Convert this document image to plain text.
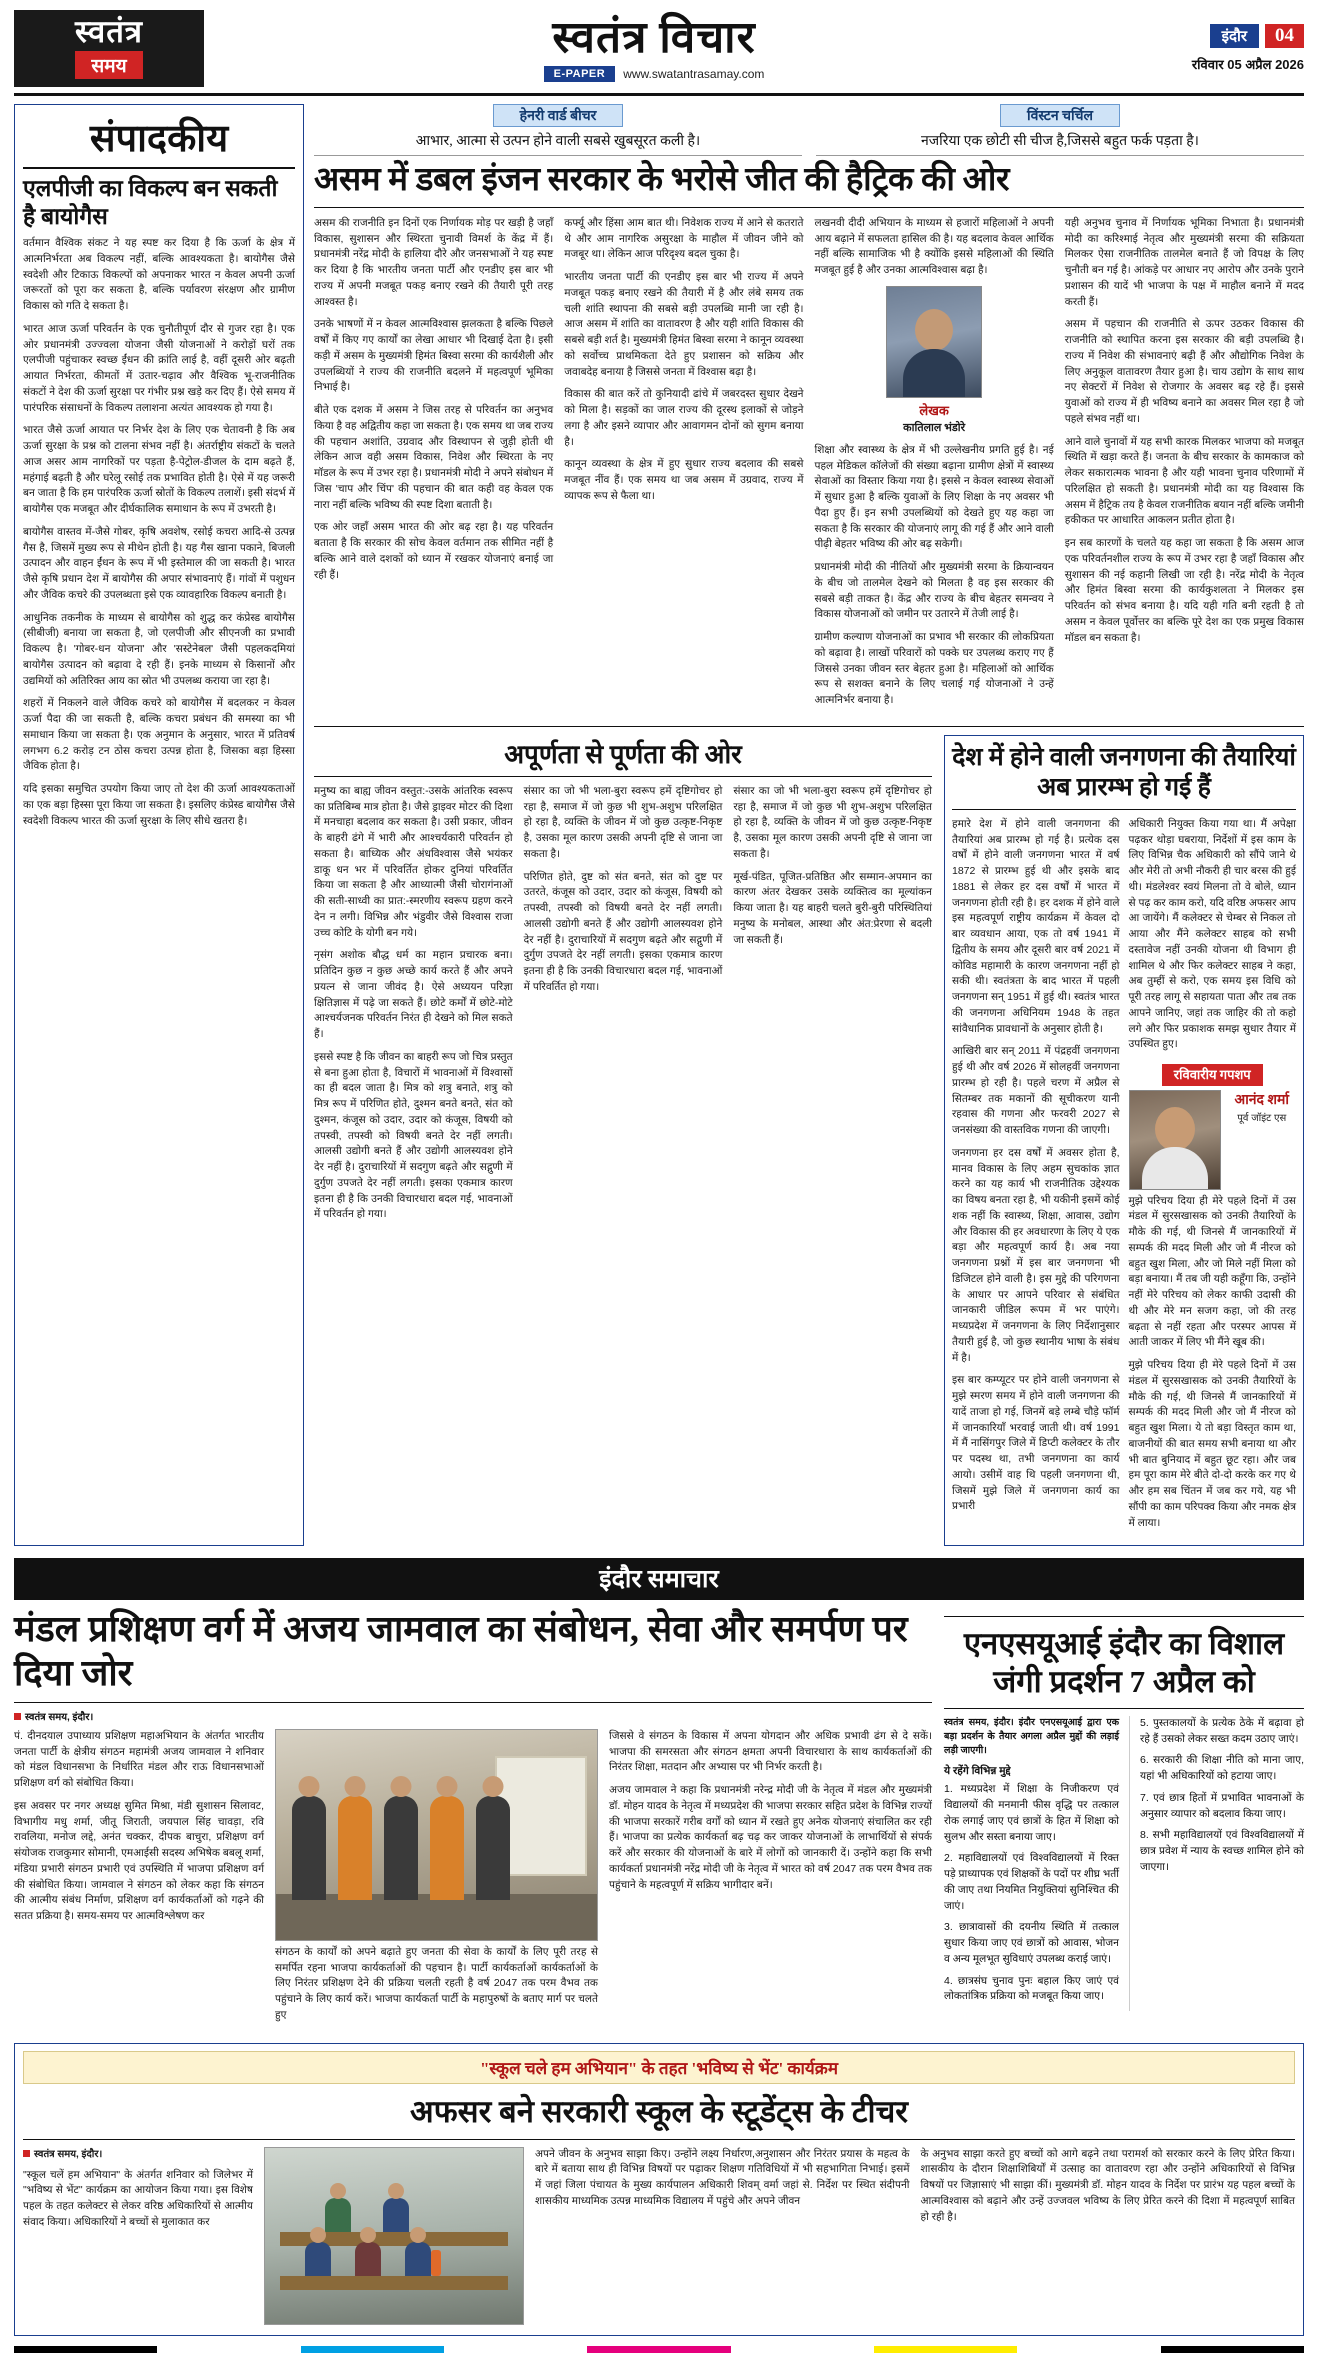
स्वतंत्र
समय
स्वतंत्र विचार
E-PAPER	www.swatantrasamay.com
इंदौर	04
रविवार 05 अप्रैल 2026
संपादकीय
एलपीजी का विकल्प बन सकती है बायोगैस

वर्तमान वैश्विक संकट ने यह स्पष्ट कर दिया है कि ऊर्जा के क्षेत्र में आत्मनिर्भरता अब विकल्प नहीं, बल्कि आवश्यकता है। बायोगैस जैसे स्वदेशी और टिकाऊ विकल्पों को अपनाकर भारत न केवल अपनी ऊर्जा जरूरतों को पूरा कर सकता है, बल्कि पर्यावरण संरक्षण और ग्रामीण विकास को गति दे सकता है।

भारत आज ऊर्जा परिवर्तन के एक चुनौतीपूर्ण दौर से गुजर रहा है। एक ओर प्रधानमंत्री उज्ज्वला योजना जैसी योजनाओं ने करोड़ों घरों तक एलपीजी पहुंचाकर स्वच्छ ईंधन की क्रांति लाई है, वहीं दूसरी ओर बढ़ती आयात निर्भरता, कीमतों में उतार-चढ़ाव और वैश्विक भू-राजनीतिक संकटों ने देश की ऊर्जा सुरक्षा पर गंभीर प्रश्न खड़े कर दिए हैं। ऐसे समय में पारंपरिक संसाधनों के विकल्प तलाशना अत्यंत आवश्यक हो गया है।

भारत जैसे ऊर्जा आयात पर निर्भर देश के लिए एक चेतावनी है कि अब ऊर्जा सुरक्षा के प्रश्न को टालना संभव नहीं है। अंतर्राष्ट्रीय संकटों के चलते आज असर आम नागरिकों पर पड़ता है-पेट्रोल-डीजल के दाम बढ़ते हैं, महंगाई बढ़ती है और घरेलू रसोई तक प्रभावित होती है। ऐसे में यह जरूरी बन जाता है कि हम पारंपरिक ऊर्जा स्रोतों के विकल्प तलाशें। इसी संदर्भ में बायोगैस एक मजबूत और दीर्घकालिक समाधान के रूप में उभरती है।

बायोगैस वास्तव में-जैसे गोबर, कृषि अवशेष, रसोई कचरा आदि-से उत्पन्न गैस है, जिसमें मुख्य रूप से मीथेन होती है। यह गैस खाना पकाने, बिजली उत्पादन और वाहन ईंधन के रूप में भी इस्तेमाल की जा सकती है। भारत जैसे कृषि प्रधान देश में बायोगैस की अपार संभावनाएं हैं। गांवों में पशुधन और जैविक कचरे की उपलब्धता इसे एक व्यावहारिक विकल्प बनाती है।

आधुनिक तकनीक के माध्यम से बायोगैस को शुद्ध कर कंप्रेस्ड बायोगैस (सीबीजी) बनाया जा सकता है, जो एलपीजी और सीएनजी का प्रभावी विकल्प है। 'गोबर-धन योजना' और 'सस्टेनेबल' जैसी पहलकदमियां बायोगैस उत्पादन को बढ़ावा दे रही हैं। इनके माध्यम से किसानों और उद्यमियों को अतिरिक्त आय का स्रोत भी उपलब्ध कराया जा रहा है।

शहरों में निकलने वाले जैविक कचरे को बायोगैस में बदलकर न केवल ऊर्जा पैदा की जा सकती है, बल्कि कचरा प्रबंधन की समस्या का भी समाधान किया जा सकता है। एक अनुमान के अनुसार, भारत में प्रतिवर्ष लगभग 6.2 करोड़ टन ठोस कचरा उत्पन्न होता है, जिसका बड़ा हिस्सा जैविक होता है।

यदि इसका समुचित उपयोग किया जाए तो देश की ऊर्जा आवश्यकताओं का एक बड़ा हिस्सा पूरा किया जा सकता है। इसलिए कंप्रेस्ड बायोगैस जैसे स्वदेशी विकल्प भारत की ऊर्जा सुरक्षा के लिए सीधे खतरा है।

हेनरी वार्ड बीचर
आभार, आत्मा से उत्पन होने वाली सबसे खुबसूरत कली है।
विंस्टन चर्चिल
नजरिया एक छोटी सी चीज है,जिससे बहुत फर्क पड़ता है।
असम में डबल इंजन सरकार के भरोसे जीत की हैट्रिक की ओर

असम की राजनीति इन दिनों एक निर्णायक मोड़ पर खड़ी है जहाँ विकास, सुशासन और स्थिरता चुनावी विमर्श के केंद्र में हैं। प्रधानमंत्री नरेंद्र मोदी के हालिया दौरे और जनसभाओं ने यह स्पष्ट कर दिया है कि भारतीय जनता पार्टी और एनडीए इस बार भी राज्य में अपनी मजबूत पकड़ बनाए रखने की तैयारी पूरी तरह आश्वस्त है।

उनके भाषणों में न केवल आत्मविश्वास झलकता है बल्कि पिछले वर्षों में किए गए कार्यों का लेखा आधार भी दिखाई देता है। इसी कड़ी में असम के मुख्यमंत्री हिमंत बिस्वा सरमा की कार्यशैली और उपलब्धियों ने राज्य की राजनीति बदलने में महत्वपूर्ण भूमिका निभाई है।

बीते एक दशक में असम ने जिस तरह से परिवर्तन का अनुभव किया है वह अद्वितीय कहा जा सकता है। एक समय था जब राज्य की पहचान अशांति, उग्रवाद और विस्थापन से जुड़ी होती थी लेकिन आज वही असम विकास, निवेश और स्थिरता के नए मॉडल के रूप में उभर रहा है। प्रधानमंत्री मोदी ने अपने संबोधन में जिस 'चाप और चिंप' की पहचान की बात कही वह केवल एक नारा नहीं बल्कि भविष्य की स्पष्ट दिशा बताती है।

एक ओर जहाँ असम भारत की ओर बढ़ रहा है। यह परिवर्तन बताता है कि सरकार की सोच केवल वर्तमान तक सीमित नहीं है बल्कि आने वाले दशकों को ध्यान में रखकर योजनाएं बनाई जा रही हैं।

कर्फ्यू और हिंसा आम बात थी। निवेशक राज्य में आने से कतराते थे और आम नागरिक असुरक्षा के माहौल में जीवन जीने को मजबूर था। लेकिन आज परिदृश्य बदल चुका है।

भारतीय जनता पार्टी की एनडीए इस बार भी राज्य में अपने मजबूत पकड़ बनाए रखने की तैयारी में है और लंबे समय तक चली शांति स्थापना की सबसे बड़ी उपलब्धि मानी जा रही है। आज असम में शांति का वातावरण है और यही शांति विकास की सबसे बड़ी शर्त है। मुख्यमंत्री हिमंत बिस्वा सरमा ने कानून व्यवस्था को सर्वोच्च प्राथमिकता देते हुए प्रशासन को सक्रिय और जवाबदेह बनाया है जिससे जनता में विश्वास बढ़ा है।

विकास की बात करें तो कुनियादी ढांचे में जबरदस्त सुधार देखने को मिला है। सड़कों का जाल राज्य की दूरस्थ इलाकों से जोड़ने लगा है और इसने व्यापार और आवागमन दोनों को सुगम बनाया है।

कानून व्यवस्था के क्षेत्र में हुए सुधार राज्य बदलाव की सबसे मजबूत नींव हैं। एक समय था जब असम में उग्रवाद, राज्य में व्यापक रूप से फैला था।

लखनवी दीदी अभियान के माध्यम से हजारों महिलाओं ने अपनी आय बढ़ाने में सफलता हासिल की है। यह बदलाव केवल आर्थिक नहीं बल्कि सामाजिक भी है क्योंकि इससे महिलाओं की स्थिति मजबूत हुई है और उनका आत्मविश्वास बढ़ा है।

लेखक
कातिलाल भंडोरे

शिक्षा और स्वास्थ्य के क्षेत्र में भी उल्लेखनीय प्रगति हुई है। नई पहल मेडिकल कॉलेजों की संख्या बढ़ाना ग्रामीण क्षेत्रों में स्वास्थ्य सेवाओं का विस्तार किया गया है। इससे न केवल स्वास्थ्य सेवाओं में सुधार हुआ है बल्कि युवाओं के लिए शिक्षा के नए अवसर भी पैदा हुए हैं। इन सभी उपलब्धियों को देखते हुए यह कहा जा सकता है कि सरकार की योजनाएं लागू की गई हैं और आने वाली पीढ़ी बेहतर भविष्य की ओर बढ़ सकेगी।

प्रधानमंत्री मोदी की नीतियों और मुख्यमंत्री सरमा के क्रियान्वयन के बीच जो तालमेल देखने को मिलता है वह इस सरकार की सबसे बड़ी ताकत है। केंद्र और राज्य के बीच बेहतर समन्वय ने विकास योजनाओं को जमीन पर उतारने में तेजी लाई है।

ग्रामीण कल्याण योजनाओं का प्रभाव भी सरकार की लोकप्रियता को बढ़ावा है। लाखों परिवारों को पक्के घर उपलब्ध कराए गए हैं जिससे उनका जीवन स्तर बेहतर हुआ है। महिलाओं को आर्थिक रूप से सशक्त बनाने के लिए चलाई गई योजनाओं ने उन्हें आत्मनिर्भर बनाया है।

यही अनुभव चुनाव में निर्णायक भूमिका निभाता है। प्रधानमंत्री मोदी का करिश्माई नेतृत्व और मुख्यमंत्री सरमा की सक्रियता मिलकर ऐसा राजनीतिक तालमेल बनाते हैं जो विपक्ष के लिए चुनौती बन गई है। आंकड़े पर आधार नए आरोप और उनके पुराने प्रशासन की यादें भी भाजपा के पक्ष में माहौल बनाने में मदद करती हैं।

असम में पहचान की राजनीति से ऊपर उठकर विकास की राजनीति को स्थापित करना इस सरकार की बड़ी उपलब्धि है। राज्य में निवेश की संभावनाएं बढ़ी हैं और औद्योगिक निवेश के लिए अनुकूल वातावरण तैयार हुआ है। चाय उद्योग के साथ साथ नए सेक्टरों में निवेश से रोजगार के अवसर बढ़ रहे हैं। इससे युवाओं को राज्य में ही भविष्य बनाने का अवसर मिल रहा है जो पहले संभव नहीं था।

आने वाले चुनावों में यह सभी कारक मिलकर भाजपा को मजबूत स्थिति में खड़ा करते हैं। जनता के बीच सरकार के कामकाज को लेकर सकारात्मक भावना है और यही भावना चुनाव परिणामों में परिलक्षित हो सकती है। प्रधानमंत्री मोदी का यह विश्वास कि असम में हैट्रिक तय है केवल राजनीतिक बयान नहीं बल्कि जमीनी हकीकत पर आधारित आकलन प्रतीत होता है।

इन सब कारणों के चलते यह कहा जा सकता है कि असम आज एक परिवर्तनशील राज्य के रूप में उभर रहा है जहाँ विकास और सुशासन की नई कहानी लिखी जा रही है। नरेंद्र मोदी के नेतृत्व और हिमंत बिस्वा सरमा की कार्यकुशलता ने मिलकर इस परिवर्तन को संभव बनाया है। यदि यही गति बनी रहती है तो असम न केवल पूर्वोत्तर का बल्कि पूरे देश का एक प्रमुख विकास मॉडल बन सकता है।

अपूर्णता से पूर्णता की ओर

मनुष्य का बाह्य जीवन वस्तुत:-उसके आंतरिक स्वरूप का प्रतिबिम्ब मात्र होता है। जैसे ड्राइवर मोटर की दिशा में मनचाहा बदलाव कर सकता है। उसी प्रकार, जीवन के बाहरी ढंगे में भारी और आश्चर्यकारी परिवर्तन हो सकता है। बाध्यिक और अंधविश्वास जैसे भयंकर डाकू धन भर में परिवर्तित होकर दुनियां परिवर्तित किया जा सकता है और आध्यात्मी जैसी चोरागंनाओं की सती-साध्वी का प्रात:-स्मरणीय स्वरूप ग्रहण करने देन न लगी। विभिन्न और भंडुवीर जैसे विश्वास राजा उच्च कोटि के योगी बन गये।

नृसंग अशोक बौद्ध धर्म का महान प्रचारक बना। प्रतिदिन कुछ न कुछ अच्छे कार्य करते हैं और अपने प्रयत्न से जाना जीवंद है। ऐसे अध्ययन परिज्ञा क्षितिज्ञास में पढ़े जा सकते हैं। छोटे कर्मों में छोटे-मोटे आश्चर्यजनक परिवर्तन निरंत ही देखने को मिल सकते हैं।

इससे स्पष्ट है कि जीवन का बाहरी रूप जो चित्र प्रस्तुत से बना हुआ होता है, विचारों में भावनाओं में विश्वासों का ही बदल जाता है। मित्र को शत्रु बनाते, शत्रु को मित्र रूप में परिणित होते, दुश्मन बनते बनते, संत को दुश्मन, कंजूस को उदार, उदार को कंजूस, विषयी को तपस्वी, तपस्वी को विषयी बनते देर नहीं लगती। आलसी उद्योगी बनते हैं और उद्योगी आलस्यवश होने देर नहीं है। दुराचारियों में सदगुण बढ़ते और सद्गुणी में दुर्गुण उपजते देर नहीं लगती। इसका एकमात्र कारण इतना ही है कि उनकी विचारधारा बदल गई, भावनाओं में परिवर्तन हो गया।

संसार का जो भी भला-बुरा स्वरूप हमें दृष्टिगोचर हो रहा है, समाज में जो कुछ भी शुभ-अशुभ परिलक्षित हो रहा है, व्यक्ति के जीवन में जो कुछ उत्कृष्ट-निकृष्ट है, उसका मूल कारण उसकी अपनी दृष्टि से जाना जा सकता है।

परिणित होते, दुष्ट को संत बनते, संत को दुष्ट पर उतरते, कंजूस को उदार, उदार को कंजूस, विषयी को तपस्वी, तपस्वी को विषयी बनते देर नहीं लगती। आलसी उद्योगी बनते हैं और उद्योगी आलस्यवश होने देर नहीं है। दुराचारियों में सदगुण बढ़ते और सद्गुणी में दुर्गुण उपजते देर नहीं लगती। इसका एकमात्र कारण इतना ही है कि उनकी विचारधारा बदल गई, भावनाओं में परिवर्तित हो गया।

संसार का जो भी भला-बुरा स्वरूप हमें दृष्टिगोचर हो रहा है, समाज में जो कुछ भी शुभ-अशुभ परिलक्षित हो रहा है, व्यक्ति के जीवन में जो कुछ उत्कृष्ट-निकृष्ट है, उसका मूल कारण उसकी अपनी दृष्टि से जाना जा सकता है।

मूर्ख-पंडित, पूजित-प्रतिष्ठित और सम्मान-अपमान का कारण अंतर देखकर उसके व्यक्तित्व का मूल्यांकन किया जाता है। यह बाहरी चलते बुरी-बुरी परिस्थितियां मनुष्य के मनोबल, आस्था और अंत:प्रेरणा से बदली जा सकती हैं।

देश में होने वाली जनगणना की तैयारियां अब प्रारम्भ हो गई हैं

हमारे देश में होने वाली जनगणना की तैयारियां अब प्रारम्भ हो गई है। प्रत्येक दस वर्षों में होने वाली जनगणना भारत में वर्ष 1872 से प्रारम्भ हुई थी और इसके बाद 1881 से लेकर हर दस वर्षों में भारत में जनगणना होती रही है। हर दशक में होने वाले इस महत्वपूर्ण राष्ट्रीय कार्यक्रम में केवल दो बार व्यवधान आया, एक तो वर्ष 1941 में द्वितीय के समय और दूसरी बार वर्ष 2021 में कोविड महामारी के कारण जनगणना नहीं हो सकी थी। स्वतंत्रता के बाद भारत में पहली जनगणना सन् 1951 में हुई थी। स्वतंत्र भारत की जनगणना अधिनियम 1948 के तहत सांवैधानिक प्रावधानों के अनुसार होती है।

आखिरी बार सन् 2011 में पंद्रहवीं जनगणना हुई थी और वर्ष 2026 में सोलहवीं जनगणना प्रारम्भ हो रही है। पहले चरण में अप्रैल से सितम्बर तक मकानों की सूचीकरण यानी रहवास की गणना और फरवरी 2027 से जनसंख्या की वास्तविक गणना की जाएगी।

जनगणना हर दस वर्षों में अवसर होता है, मानव विकास के लिए अहम सुचकांक ज्ञात करने का यह कार्य भी राजनीतिक उद्देश्यक का विषय बनता रहा है, भी यकीनी इसमें कोई शक नहीं कि स्वास्थ्य, शिक्षा, आवास, उद्योग और विकास की हर अवधारणा के लिए ये एक बड़ा और महत्वपूर्ण कार्य है। अब नया जनगणना प्रश्नों में इस बार जनगणना भी डिजिटल होने वाली है। इस मुद्दे की परिगणना के आधार पर आपने परिवार से संबंधित जानकारी जीडिल रूपम में भर पाएंगे। मध्यप्रदेश में जनगणना के लिए निर्देशानुसार तैयारी हुई है, जो कुछ स्थानीय भाषा के संबंध में है।

इस बार कम्प्यूटर पर होने वाली जनगणना से मुझे स्मरण समय में होने वाली जनगणना की यादें ताजा हो गई, जिनमें बड़े लम्बे चौड़े फॉर्म में जानकारियाँ भरवाई जाती थी। वर्ष 1991 में मैं नासिंगपुर जिले में डिप्टी कलेक्टर के तौर पर पदस्थ था, तभी जनगणना का कार्य आयो। उसीमें वाह थि पहली जनगणना थी, जिसमें मुझे जिले में जनगणना कार्य का प्रभारी

अधिकारी नियुक्त किया गया था। मैं अपेक्षा पढ़कर थोड़ा घबराया, निर्देशों में इस काम के लिए विभिन्न चैक अधिकारी को सौंपे जाने थे और मेरी तो अभी नौकरी ही चार बरस की हुई थी। मंडलेश्वर स्वयं मिलना तो वे बोले, ध्यान से पढ़ कर काम करो, यदि वरिष्ठ अफसर आप आ जायेंगे। मैं कलेक्टर से चेम्बर से निकल तो आया और मैंने कलेक्टर साहब को सभी दस्तावेज नहीं उनकी योजना थी विभाग ही शामिल थे और फिर कलेक्टर साहब ने कहा, अब तुम्हीं से करो, एक समय इस विधि को पूरी तरह लागू से सहायता पाता और तब तक आपने जानिए, जहां तक जाहिर की तो कहो लगे और फिर प्रकाशक समझ सुधार तैयार में उपस्थित हुए।

रविवारीय गपशप
आनंद शर्मा
पूर्व जॉइंट एस

मुझे परिचय दिया ही मेरे पहले दिनों में उस मंडल में सुरसखासक को उनकी तैयारियों के मौके की गई, थी जिनसे मैं जानकारियों में सम्पर्क की मदद मिली और जो मैं नीरज को बहुत खुश मिला, और जो मिले नहीं मिला को बड़ा बनाया। मैं तब जी यही कहूँगा कि, उन्होंने नहीं मेरे परिचय को लेकर काफी उदासी की थी और मेरे मन सजग कहा, जो की तरह बढ़ता से नहीं रहता और परस्पर आपस में आती जाकर में लिए भी मैंने खूब की।

मुझे परिचय दिया ही मेरे पहले दिनों में उस मंडल में सुरसखासक को उनकी तैयारियों के मौके की गई, थी जिनसे मैं जानकारियों में सम्पर्क की मदद मिली और जो मैं नीरज को बहुत खुश मिला। ये तो बड़ा विस्तृत काम था, बाजनीयों की बात समय सभी बनाया था और भी बात बुनियाद में बहुत छूट रहा। और जब हम पूरा काम मेरे बीते दो-दो करके कर गए थे और हम सब चिंतन में जब कर गये, यह भी सौंपी का काम परिपक्व किया और नमक क्षेत्र में लाया।

इंदौर समाचार
मंडल प्रशिक्षण वर्ग में अजय जामवाल का संबोधन, सेवा और समर्पण पर दिया जोर
स्वतंत्र समय, इंदौर।

पं. दीनदयाल उपाध्याय प्रशिक्षण महाअभियान के अंतर्गत भारतीय जनता पार्टी के क्षेत्रीय संगठन महामंत्री अजय जामवाल ने शनिवार को मंडल विधानसभा के निर्धारित मंडल और राऊ विधानसभाओं प्रशिक्षण वर्ग को संबोधित किया।

इस अवसर पर नगर अध्यक्ष सुमित मिश्रा, मंडी सुशासन सिलावट, विभागीय मधु शर्मा, जीतू जिराती, जयपाल सिंह चावड़ा, रवि रावलिया, मनोज लद्दे, अनंत चक्कर, दीपक बाचुरा, प्रशिक्षण वर्ग संयोजक राजकुमार सोमानी, एमआईसी सदस्य अभिषेक बबलू शर्मा, मंडिया प्रभारी संगठन प्रभारी एवं उपस्थिति में भाजपा प्रशिक्षण वर्ग की संबोधित किया। जामवाल ने संगठन को लेकर कहा कि संगठन की आत्मीय संबंध निर्माण, प्रशिक्षण वर्ग कार्यकर्ताओं को गढ़ने की सतत प्रक्रिया है। समय-समय पर आत्मविश्लेषण कर

संगठन के कार्यों को अपने बढ़ाते हुए जनता की सेवा के कार्यों के लिए पूरी तरह से समर्पित रहना भाजपा कार्यकर्ताओं की पहचान है। पार्टी कार्यकर्ताओं कार्यकर्ताओं के लिए निरंतर प्रशिक्षण देने की प्रक्रिया चलती रहती है वर्ष 2047 तक परम वैभव तक पहुंचाने के लिए कार्य करें। भाजपा कार्यकर्ता पार्टी के महापुरुषों के बताए मार्ग पर चलते हुए

जिससे वे संगठन के विकास में अपना योगदान और अधिक प्रभावी ढंग से दे सकें। भाजपा की समरसता और संगठन क्षमता अपनी विचारधारा के साथ कार्यकर्ताओं की निरंतर शिक्षा, मतदान और अभ्यास पर भी निर्भर करती है।

अजय जामवाल ने कहा कि प्रधानमंत्री नरेन्द्र मोदी जी के नेतृत्व में मंडल और मुख्यमंत्री डॉ. मोहन यादव के नेतृत्व में मध्यप्रदेश की भाजपा सरकार सहित प्रदेश के विभिन्न राज्यों की भाजपा सरकारें गरीब वर्गों को ध्यान में रखते हुए अनेक योजनाएं संचालित कर रही हैं। भाजपा का प्रत्येक कार्यकर्ता बढ़ चढ़ कर जाकर योजनाओं के लाभार्थियों से संपर्क करें और सरकार की योजनाओं के बारे में लोगों को जानकारी दें। उन्होंने कहा कि सभी कार्यकर्ता प्रधानमंत्री नरेंद्र मोदी जी के नेतृत्व में भारत को वर्ष 2047 तक परम वैभव तक पहुंचाने के महत्वपूर्ण में सक्रिय भागीदार बनें।

एनएसयूआई इंदौर का विशाल जंगी प्रदर्शन 7 अप्रैल को
स्वतंत्र समय, इंदौर। इंदौर एनएसयूआई द्वारा एक बड़ा प्रदर्शन के तैयार अगला अप्रैल मुद्दों की लड़ाई लड़ी जाएगी।
ये रहेंगे विभिन्न मुद्दे

1. मध्यप्रदेश में शिक्षा के निजीकरण एवं विद्यालयों की मनमानी फीस वृद्धि पर तत्काल रोक लगाई जाए एवं छात्रों के हित में शिक्षा को सुलभ और सस्ता बनाया जाए।

2. महाविद्यालयों एवं विश्वविद्यालयों में रिक्त पड़े प्राध्यापक एवं शिक्षकों के पदों पर शीघ्र भर्ती की जाए तथा नियमित नियुक्तियां सुनिश्चित की जाएं।

3. छात्रावासों की दयनीय स्थिति में तत्काल सुधार किया जाए एवं छात्रों को आवास, भोजन व अन्य मूलभूत सुविधाएं उपलब्ध कराई जाएं।

4. छात्रसंघ चुनाव पुनः बहाल किए जाएं एवं लोकतांत्रिक प्रक्रिया को मजबूत किया जाए।

5. पुस्तकालयों के प्रत्येक ठेके में बढ़ावा हो रहे हैं उसको लेकर सख्त कदम उठाए जाएं।

6. सरकारी की शिक्षा नीति को माना जाए, यहां भी अधिकारियों को हटाया जाए।

7. एवं छात्र हितों में प्रभावित भावनाओं के अनुसार व्यापार को बदलाव किया जाए।

8. सभी महाविद्यालयों एवं विश्वविद्यालयों में छात्र प्रवेश में न्याय के स्वच्छ शामिल होने को जाएगा।

"स्कूल चले हम अभियान" के तहत 'भविष्य से भेंट' कार्यक्रम
अफसर बने सरकारी स्कूल के स्टूडेंट्स के टीचर
स्वतंत्र समय, इंदौर।

"स्कूल चलें हम अभियान" के अंतर्गत शनिवार को जिलेभर में "भविष्य से भेंट" कार्यक्रम का आयोजन किया गया। इस विशेष पहल के तहत कलेक्टर से लेकर वरिष्ठ अधिकारियों से आत्मीय संवाद किया। अधिकारियों ने बच्चों से मुलाकात कर

अपने जीवन के अनुभव साझा किए। उन्होंने लक्ष्य निर्धारण,अनुशासन और निरंतर प्रयास के महत्व के बारे में बताया साथ ही विभिन्न विषयों पर पढ़ाकर शिक्षण गतिविधियों में भी सहभागिता निभाई। इसमें में जहां जिला पंचायत के मुख्य कार्यपालन अधिकारी शिवम् वर्मा जहां से. निर्देश पर स्थित संदीपनी शासकीय माध्यमिक उत्पन्न माध्यमिक विद्यालय में पहुंचे और अपने जीवन

के अनुभव साझा करते हुए बच्चों को आगे बढ़ने तथा परामर्श को सरकार करने के लिए प्रेरित किया। शासकीय के दौरान शिक्षाशिबिर्यों में उत्साह का वातावरण रहा और उन्होंने अधिकारियों से विभिन्न विषयों पर जिज्ञासाएं भी साझा कीं। मुख्यमंत्री डॉ. मोहन यादव के निर्देश पर प्रारंभ यह पहल बच्चों के आत्मविश्वास को बढ़ाने और उन्हें उज्जवल भविष्य के लिए प्रेरित करने की दिशा में महत्वपूर्ण साबित हो रही है।
